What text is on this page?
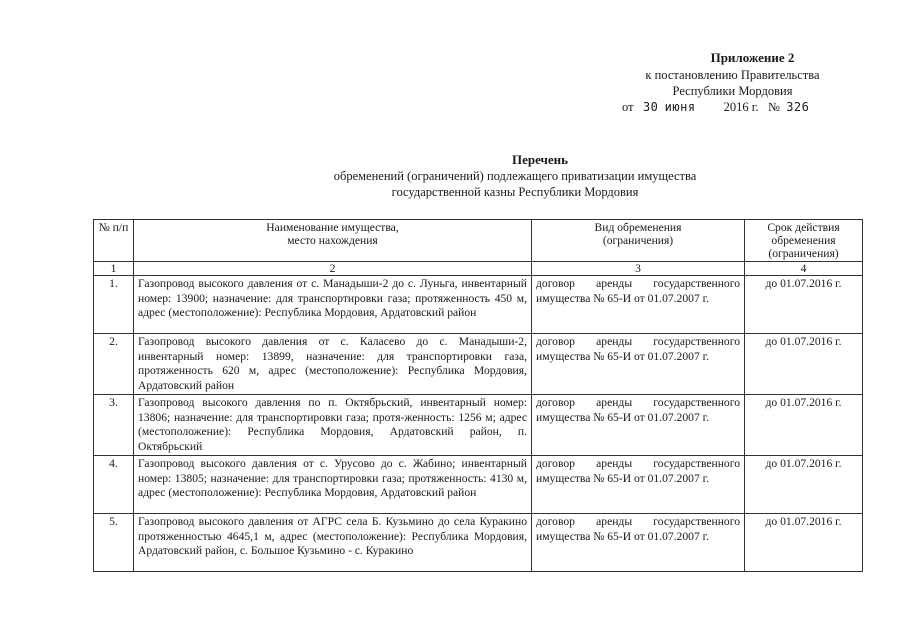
Приложение 2
к постановлению Правительства
Республики Мордовия
от 30 июня 2016 г. № 326
Перечень
обременений (ограничений) подлежащего приватизации имущества
государственной казны Республики Мордовия
№ п/п	Наименование имущества, место нахождения	Вид обременения (ограничения)	Срок действия обременения (ограничения)
1	2	3	4
1.	Газопровод высокого давления от с. Манадыши-2 до с. Луньга, инвентарный номер: 13900; назначение: для транспортировки газа; протяженность 450 м, адрес (местоположение): Республика Мордовия, Ардатовский район	договор аренды государственного имущества № 65-И от 01.07.2007 г.	до 01.07.2016 г.
2.	Газопровод высокого давления от с. Каласево до с. Манадыши-2, инвентарный номер: 13899, назначение: для транспортировки газа, протяженность 620 м, адрес (местоположение): Республика Мордовия, Ардатовский район	договор аренды государственного имущества № 65-И от 01.07.2007 г.	до 01.07.2016 г.
3.	Газопровод высокого давления по п. Октябрьский, инвентарный номер: 13806; назначение: для транспортировки газа; протя-женность: 1256 м; адрес (местоположение): Республика Мордовия, Ардатовский район, п. Октябрьский	договор аренды государственного имущества № 65-И от 01.07.2007 г.	до 01.07.2016 г.
4.	Газопровод высокого давления от с. Урусово до с. Жабино; инвентарный номер: 13805; назначение: для транспортировки газа; протяженность: 4130 м, адрес (местоположение): Республика Мордовия, Ардатовский район	договор аренды государственного имущества № 65-И от 01.07.2007 г.	до 01.07.2016 г.
5.	Газопровод высокого давления от АГРС села Б. Кузьмино до села Куракино протяженностью 4645,1 м, адрес (местоположение): Республика Мордовия, Ардатовский район, с. Большое Кузьмино - с. Куракино	договор аренды государственного имущества № 65-И от 01.07.2007 г.	до 01.07.2016 г.
